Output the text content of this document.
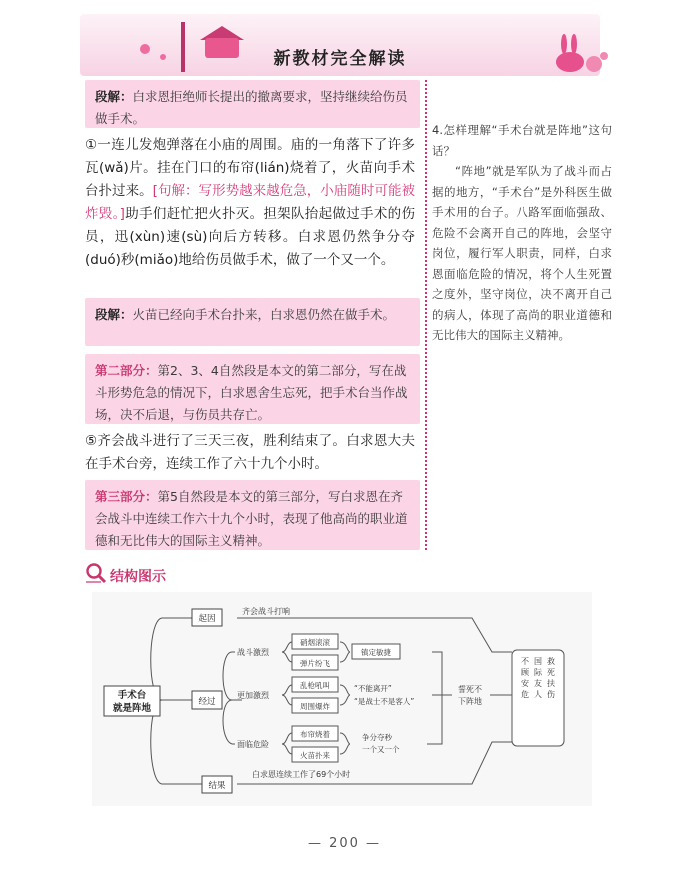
新教材完全解读
段解：白求恩拒绝师长提出的撤离要求，坚持继续给伤员做手术。
①一连儿发炮弹落在小庙的周围。庙的一角落下了许多瓦(wǎ)片。挂在门口的布帘(lián)烧着了，火苗向手术台扑过来。[句解：写形势越来越危急，小庙随时可能被炸毁。]助手们赶忙把火扑灭。担架队抬起做过手术的伤员，迅(xùn)速(sù)向后方转移。白求恩仍然争分夺(duó)秒(miǎo)地给伤员做手术，做了一个又一个。
段解：火苗已经向手术台扑来，白求恩仍然在做手术。
第二部分：第2、3、4自然段是本文的第二部分，写在战斗形势危急的情况下，白求恩舍生忘死，把手术台当作战场，决不后退，与伤员共存亡。
⑤齐会战斗进行了三天三夜，胜利结束了。白求恩大夫在手术台旁，连续工作了六十九个小时。
第三部分：第5自然段是本文的第三部分，写白求恩在齐会战斗中连续工作六十九个小时，表现了他高尚的职业道德和无比伟大的国际主义精神。

4.怎样理解“手术台就是阵地”这句话？

“阵地”就是军队为了战斗而占据的地方，“手术台”是外科医生做手术用的台子。八路军面临强敌、危险不会离开自己的阵地，会坚守岗位，履行军人职责，同样，白求恩面临危险的情况，将个人生死置之度外，坚守岗位，决不离开自己的病人，体现了高尚的职业道德和无比伟大的国际主义精神。

结构图示
手术台就是阵地
起因
齐会战斗打响
经过
战斗激烈
更加激烈
面临危险
硝烟滚滚
弹片纷飞
乱枪吼叫
周围爆炸
布帘烧着
火苗扑来
镇定敏捷
“不能离开”
“是战士不是客人”
争分夺秒
一个又一个
誓死不
下阵地
不顾安危
国际友人
救死扶伤
结果
白求恩连续工作了69个小时
— 200 —
